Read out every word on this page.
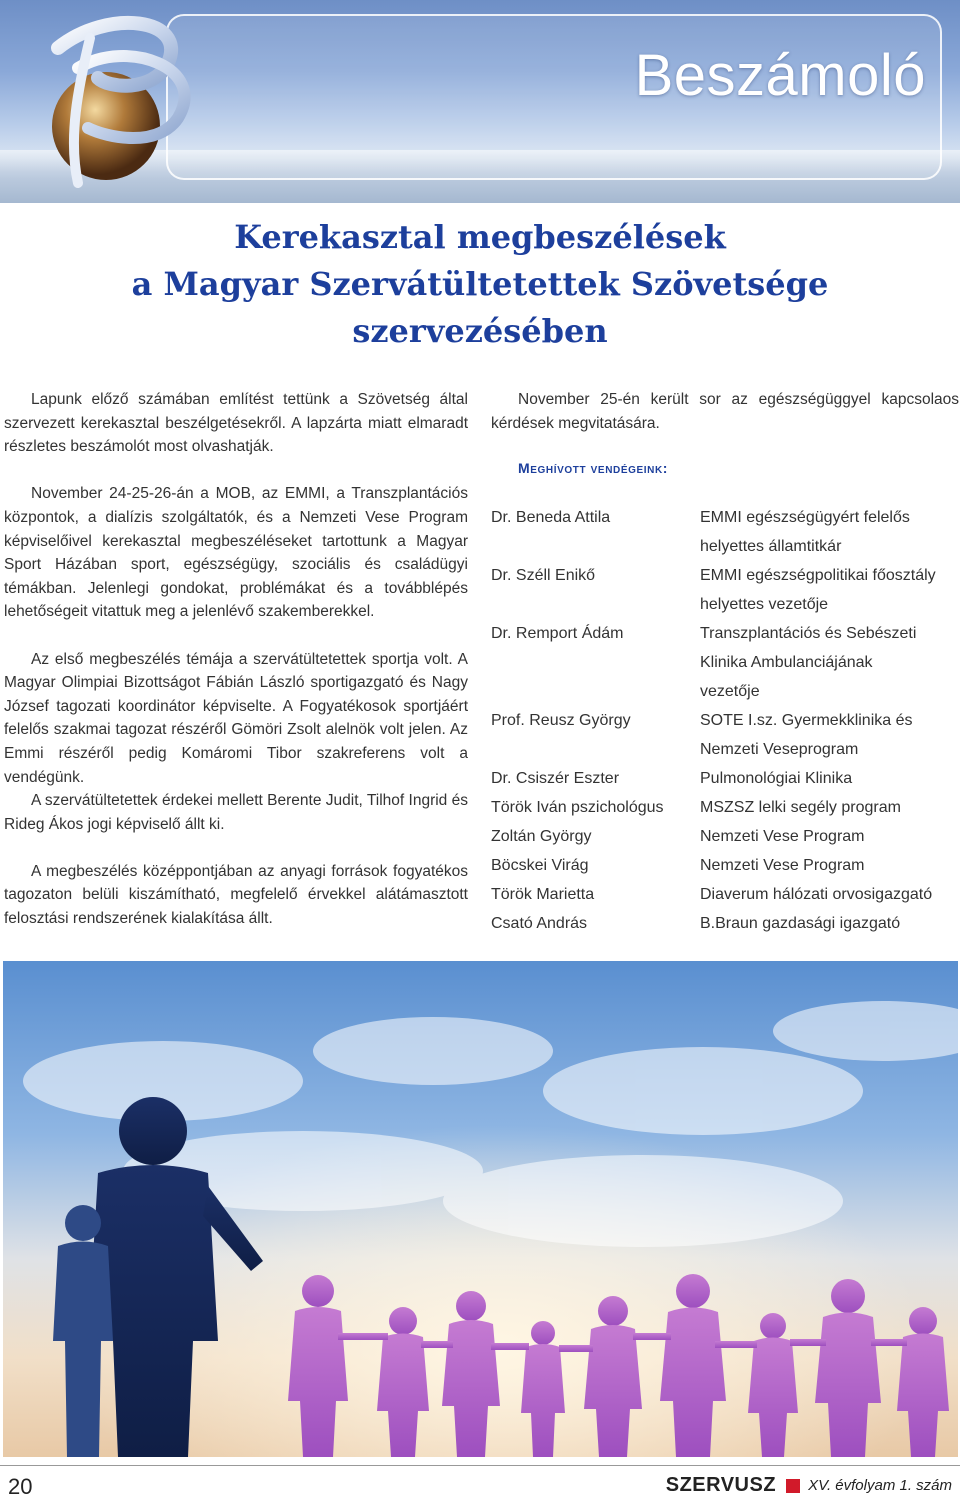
Beszámoló
Kerekasztal megbeszélések
a Magyar Szervátültetettek Szövetsége
szervezésében

Lapunk előző számában említést tettünk a Szövetség által szervezett kerekasztal beszélgetésekről. A lapzárta miatt elmaradt részletes beszámolót most olvashatják.

November 24-25-26-án a MOB, az EMMI, a Transzplantációs központok, a dialízis szolgáltatók, és a Nemzeti Vese Program képviselőivel kerekasztal megbeszéléseket tartottunk a Magyar Sport Házában sport, egészségügy, szociális és családügyi témákban. Jelenlegi gondokat, problémákat és a továbblépés lehetőségeit vitattuk meg a jelenlévő szakemberekkel.

Az első megbeszélés témája a szervátültetettek sportja volt. A Magyar Olimpiai Bizottságot Fábián László sportigazgató és Nagy József tagozati koordinátor képviselte. A Fogyatékosok sportjáért felelős szakmai tagozat részéről Gömöri Zsolt alelnök volt jelen. Az Emmi részéről pedig Komáromi Tibor szakreferens volt a vendégünk.

A szervátültetettek érdekei mellett Berente Judit, Tilhof Ingrid és Rideg Ákos jogi képviselő állt ki.

A megbeszélés középpontjában az anyagi források fogyatékos tagozaton belüli kiszámítható, megfelelő érvekkel alátámasztott felosztási rendszerének kialakítása állt.

November 25-én került sor az egészségüggyel kapcsolaos kérdések megvitatására.

Meghívott vendégeink:
Dr. Beneda Attila	EMMI egészségügyért felelős
helyettes államtitkár
Dr. Széll Enikő	EMMI egészségpolitikai főosztály
helyettes vezetője
Dr. Remport Ádám	Transzplantációs és Sebészeti
Klinika Ambulanciájának
vezetője
Prof. Reusz György	SOTE I.sz. Gyermekklinika és
Nemzeti Veseprogram
Dr. Csiszér Eszter	Pulmonológiai Klinika
Török Iván pszichológus	MSZSZ lelki segély program
Zoltán György	Nemzeti Vese Program
Böcskei Virág	Nemzeti Vese Program
Török Marietta	Diaverum hálózati orvosigazgató
Csató András	B.Braun gazdasági igazgató
20	SZERVUSZ XV. évfolyam 1. szám
